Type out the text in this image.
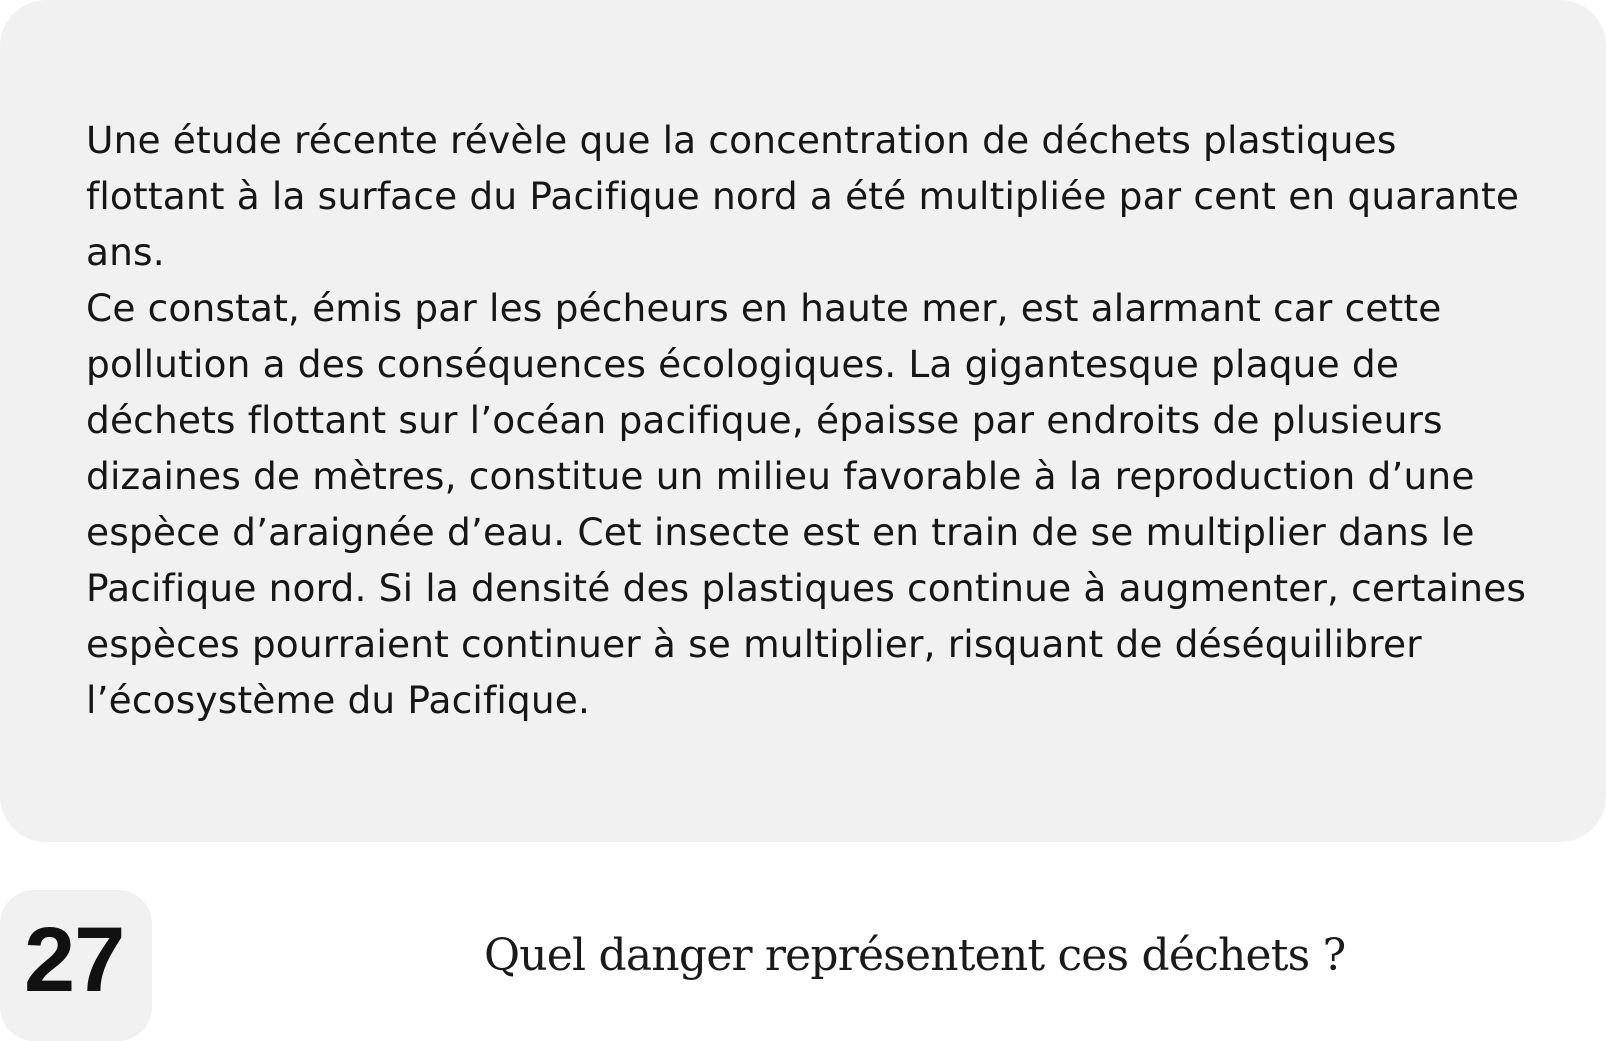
Une étude récente révèle que la concentration de déchets plastiques flottant à la surface du Pacifique nord a été multipliée par cent en quarante ans.

Ce constat, émis par les pécheurs en haute mer, est alarmant car cette pollution a des conséquences écologiques. La gigantesque plaque de déchets flottant sur l’océan pacifique, épaisse par endroits de plusieurs dizaines de mètres, constitue un milieu favorable à la reproduction d’une espèce d’araignée d’eau. Cet insecte est en train de se multiplier dans le Pacifique nord. Si la densité des plastiques continue à augmenter, certaines espèces pourraient continuer à se multiplier, risquant de déséquilibrer l’écosystème du Pacifique.

27	Quel danger représentent ces déchets ?
